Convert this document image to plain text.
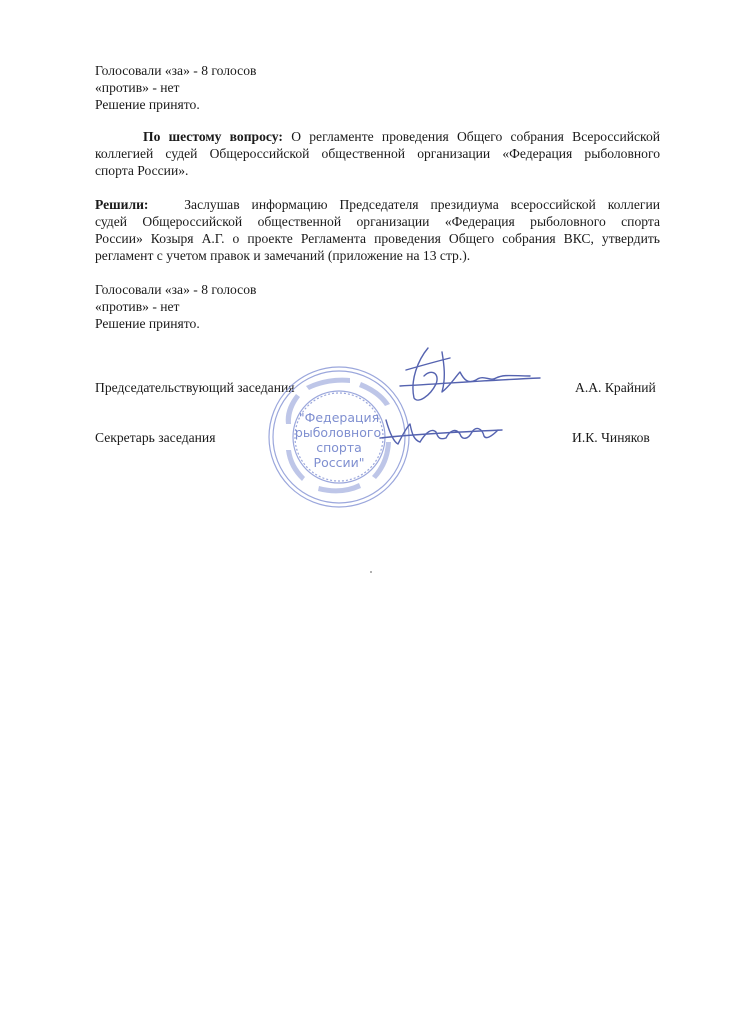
Голосовали «за» - 8 голосов
«против» - нет
Решение принято.
По шестому вопросу: О регламенте проведения Общего собрания Всероссийской
коллегией судей Общероссийской общественной организации «Федерация рыболовного
спорта России».
Решили:	Заслушав информацию Председателя президиума всероссийской коллегии
судей Общероссийской общественной организации «Федерация рыболовного спорта
России» Козыря А.Г. о проекте Регламента проведения Общего собрания ВКС, утвердить
регламент с учетом правок и замечаний (приложение на 13 стр.).
Голосовали «за» - 8 голосов
«против» - нет
Решение принято.
Председательствующий заседания	А.А. Крайний
Секретарь заседания	И.К. Чиняков
"Федерация
рыболовного
спорта
России"
